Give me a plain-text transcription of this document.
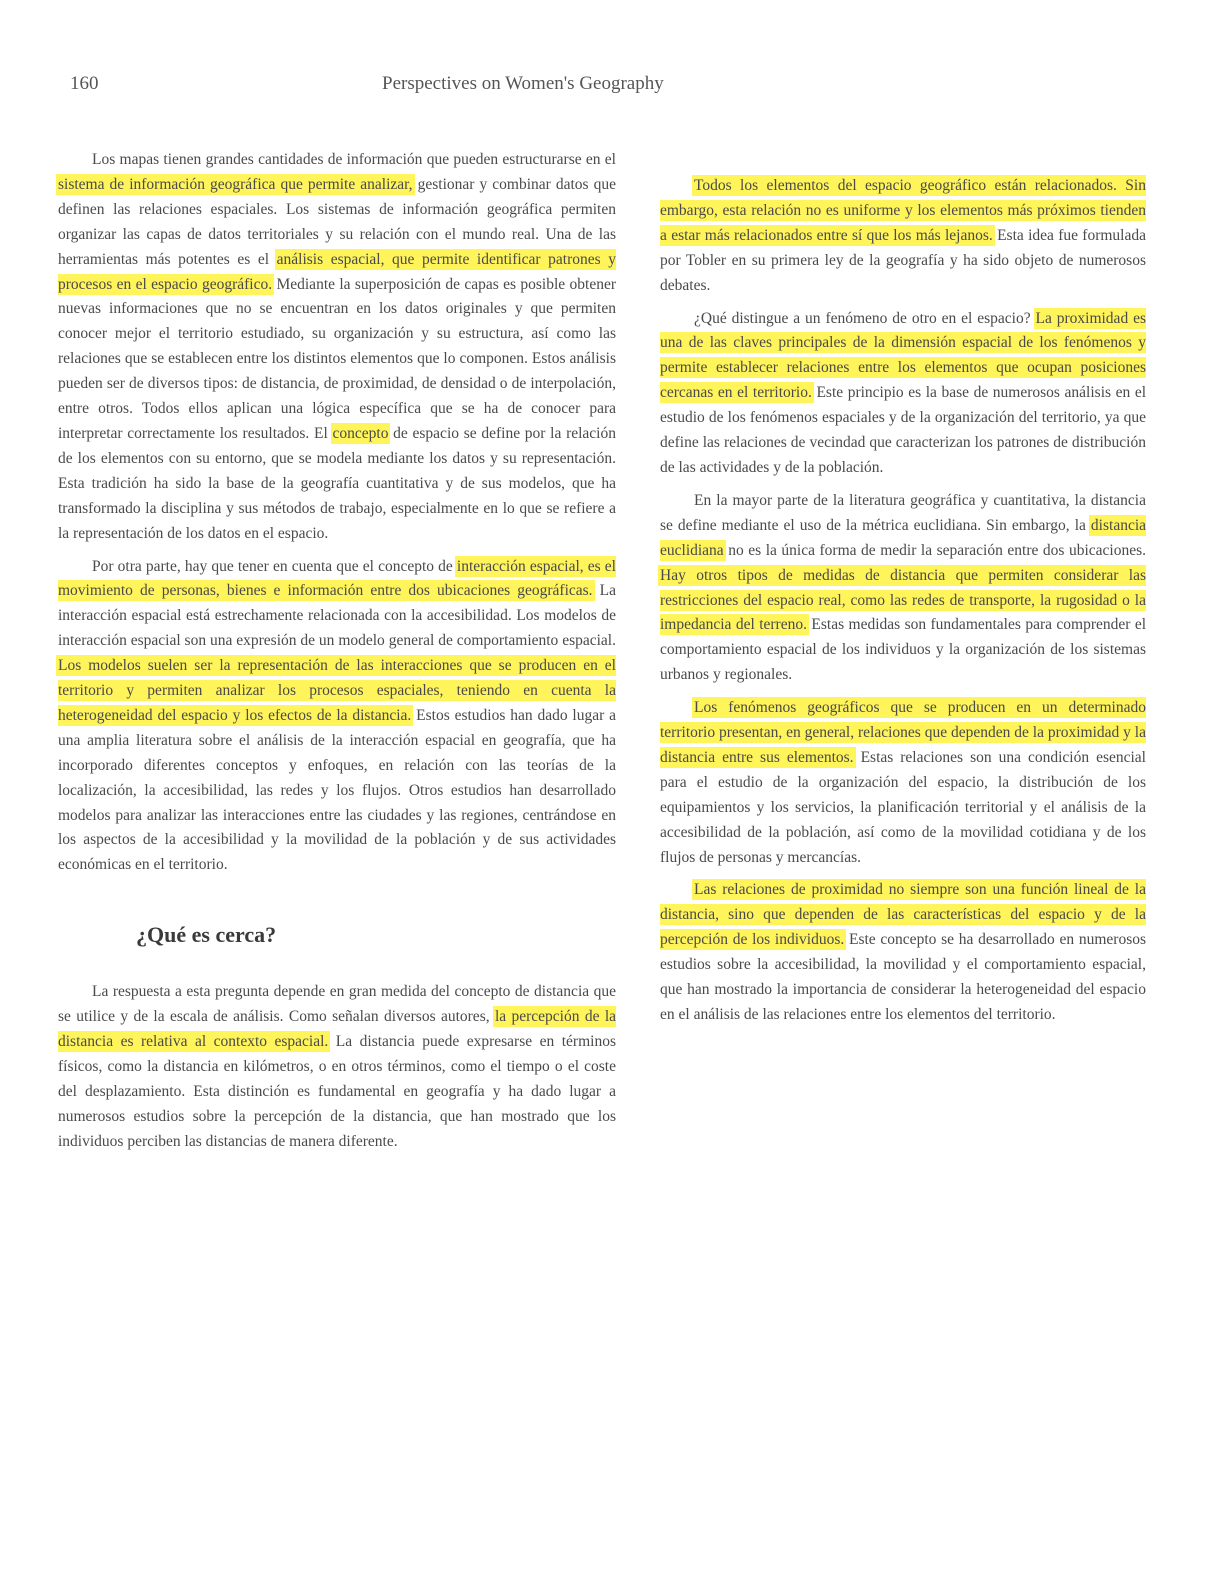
160	Perspectives on Women's Geography

Los mapas tienen grandes cantidades de información que pueden estructurarse en el sistema de información geográfica que permite analizar, gestionar y combinar datos que definen las relaciones espaciales. Los sistemas de información geográfica permiten organizar las capas de datos territoriales y su relación con el mundo real. Una de las herramientas más potentes es el análisis espacial, que permite identificar patrones y procesos en el espacio geográfico. Mediante la superposición de capas es posible obtener nuevas informaciones que no se encuentran en los datos originales y que permiten conocer mejor el territorio estudiado, su organización y su estructura, así como las relaciones que se establecen entre los distintos elementos que lo componen. Estos análisis pueden ser de diversos tipos: de distancia, de proximidad, de densidad o de interpolación, entre otros. Todos ellos aplican una lógica específica que se ha de conocer para interpretar correctamente los resultados. El concepto de espacio se define por la relación de los elementos con su entorno, que se modela mediante los datos y su representación. Esta tradición ha sido la base de la geografía cuantitativa y de sus modelos, que ha transformado la disciplina y sus métodos de trabajo, especialmente en lo que se refiere a la representación de los datos en el espacio.

Por otra parte, hay que tener en cuenta que el concepto de interacción espacial, es el movimiento de personas, bienes e información entre dos ubicaciones geográficas. La interacción espacial está estrechamente relacionada con la accesibilidad. Los modelos de interacción espacial son una expresión de un modelo general de comportamiento espacial. Los modelos suelen ser la representación de las interacciones que se producen en el territorio y permiten analizar los procesos espaciales, teniendo en cuenta la heterogeneidad del espacio y los efectos de la distancia. Estos estudios han dado lugar a una amplia literatura sobre el análisis de la interacción espacial en geografía, que ha incorporado diferentes conceptos y enfoques, en relación con las teorías de la localización, la accesibilidad, las redes y los flujos. Otros estudios han desarrollado modelos para analizar las interacciones entre las ciudades y las regiones, centrándose en los aspectos de la accesibilidad y la movilidad de la población y de sus actividades económicas en el territorio.

¿Qué es cerca?

La respuesta a esta pregunta depende en gran medida del concepto de distancia que se utilice y de la escala de análisis. Como señalan diversos autores, la percepción de la distancia es relativa al contexto espacial. La distancia puede expresarse en términos físicos, como la distancia en kilómetros, o en otros términos, como el tiempo o el coste del desplazamiento. Esta distinción es fundamental en geografía y ha dado lugar a numerosos estudios sobre la percepción de la distancia, que han mostrado que los individuos perciben las distancias de manera diferente.

Todos los elementos del espacio geográfico están relacionados. Sin embargo, esta relación no es uniforme y los elementos más próximos tienden a estar más relacionados entre sí que los más lejanos. Esta idea fue formulada por Tobler en su primera ley de la geografía y ha sido objeto de numerosos debates.

¿Qué distingue a un fenómeno de otro en el espacio? La proximidad es una de las claves principales de la dimensión espacial de los fenómenos y permite establecer relaciones entre los elementos que ocupan posiciones cercanas en el territorio. Este principio es la base de numerosos análisis en el estudio de los fenómenos espaciales y de la organización del territorio, ya que define las relaciones de vecindad que caracterizan los patrones de distribución de las actividades y de la población.

En la mayor parte de la literatura geográfica y cuantitativa, la distancia se define mediante el uso de la métrica euclidiana. Sin embargo, la distancia euclidiana no es la única forma de medir la separación entre dos ubicaciones. Hay otros tipos de medidas de distancia que permiten considerar las restricciones del espacio real, como las redes de transporte, la rugosidad o la impedancia del terreno. Estas medidas son fundamentales para comprender el comportamiento espacial de los individuos y la organización de los sistemas urbanos y regionales.

Los fenómenos geográficos que se producen en un determinado territorio presentan, en general, relaciones que dependen de la proximidad y la distancia entre sus elementos. Estas relaciones son una condición esencial para el estudio de la organización del espacio, la distribución de los equipamientos y los servicios, la planificación territorial y el análisis de la accesibilidad de la población, así como de la movilidad cotidiana y de los flujos de personas y mercancías.

Las relaciones de proximidad no siempre son una función lineal de la distancia, sino que dependen de las características del espacio y de la percepción de los individuos. Este concepto se ha desarrollado en numerosos estudios sobre la accesibilidad, la movilidad y el comportamiento espacial, que han mostrado la importancia de considerar la heterogeneidad del espacio en el análisis de las relaciones entre los elementos del territorio.
